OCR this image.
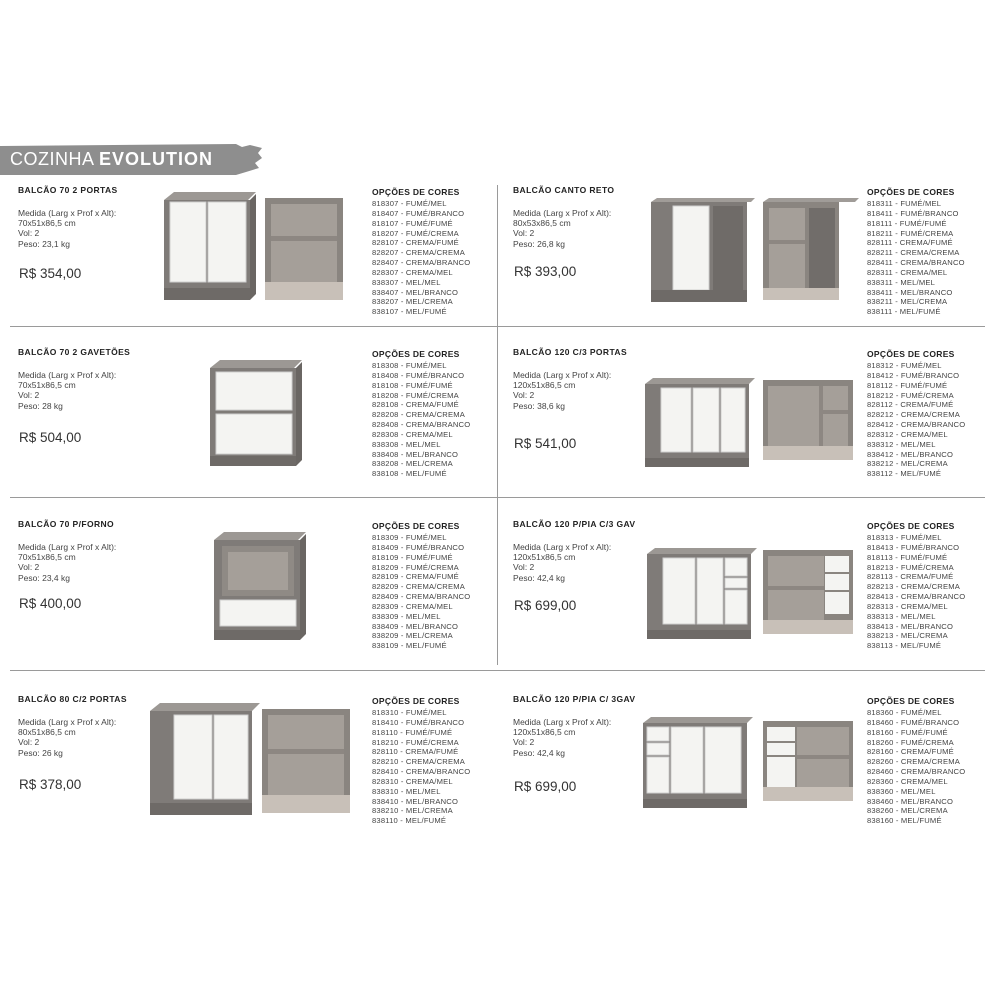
COZINHA EVOLUTION
BALCÃO 70 2 PORTAS
Medida (Larg x Prof x Alt):
70x51x86,5 cm
Vol: 2
Peso: 23,1 kg
R$ 354,00
OPÇÕES DE CORES
818307 - FUMÉ/MEL
818407 - FUMÉ/BRANCO
818107 - FUMÉ/FUMÉ
818207 - FUMÉ/CREMA
828107 - CREMA/FUMÉ
828207 - CREMA/CREMA
828407 - CREMA/BRANCO
828307 - CREMA/MEL
838307 - MEL/MEL
838407 - MEL/BRANCO
838207 - MEL/CREMA
838107 - MEL/FUMÉ
BALCÃO CANTO RETO
Medida (Larg x Prof x Alt):
80x53x86,5 cm
Vol: 2
Peso: 26,8 kg
R$ 393,00
OPÇÕES DE CORES
818311 - FUMÉ/MEL
818411 - FUMÉ/BRANCO
818111 - FUMÉ/FUMÉ
818211 - FUMÉ/CREMA
828111 - CREMA/FUMÉ
828211 - CREMA/CREMA
828411 - CREMA/BRANCO
828311 - CREMA/MEL
838311 - MEL/MEL
838411 - MEL/BRANCO
838211 - MEL/CREMA
838111 - MEL/FUMÉ
BALCÃO 70 2 GAVETÕES
Medida (Larg x Prof x Alt):
70x51x86,5 cm
Vol: 2
Peso: 28 kg
R$ 504,00
OPÇÕES DE CORES
818308 - FUMÉ/MEL
818408 - FUMÉ/BRANCO
818108 - FUMÉ/FUMÉ
818208 - FUMÉ/CREMA
828108 - CREMA/FUMÉ
828208 - CREMA/CREMA
828408 - CREMA/BRANCO
828308 - CREMA/MEL
838308 - MEL/MEL
838408 - MEL/BRANCO
838208 - MEL/CREMA
838108 - MEL/FUMÉ
BALCÃO 120 C/3 PORTAS
Medida (Larg x Prof x Alt):
120x51x86,5 cm
Vol: 2
Peso: 38,6 kg
R$ 541,00
OPÇÕES DE CORES
818312 - FUMÉ/MEL
818412 - FUMÉ/BRANCO
818112 - FUMÉ/FUMÉ
818212 - FUMÉ/CREMA
828112 - CREMA/FUMÉ
828212 - CREMA/CREMA
828412 - CREMA/BRANCO
828312 - CREMA/MEL
838312 - MEL/MEL
838412 - MEL/BRANCO
838212 - MEL/CREMA
838112 - MEL/FUMÉ
BALCÃO 70 P/FORNO
Medida (Larg x Prof x Alt):
70x51x86,5 cm
Vol: 2
Peso: 23,4 kg
R$ 400,00
OPÇÕES DE CORES
818309 - FUMÉ/MEL
818409 - FUMÉ/BRANCO
818109 - FUMÉ/FUMÉ
818209 - FUMÉ/CREMA
828109 - CREMA/FUMÉ
828209 - CREMA/CREMA
828409 - CREMA/BRANCO
828309 - CREMA/MEL
838309 - MEL/MEL
838409 - MEL/BRANCO
838209 - MEL/CREMA
838109 - MEL/FUMÉ
BALCÃO 120 P/PIA C/3 GAV
Medida (Larg x Prof x Alt):
120x51x86,5 cm
Vol: 2
Peso: 42,4 kg
R$ 699,00
OPÇÕES DE CORES
818313 - FUMÉ/MEL
818413 - FUMÉ/BRANCO
818113 - FUMÉ/FUMÉ
818213 - FUMÉ/CREMA
828113 - CREMA/FUMÉ
828213 - CREMA/CREMA
828413 - CREMA/BRANCO
828313 - CREMA/MEL
838313 - MEL/MEL
838413 - MEL/BRANCO
838213 - MEL/CREMA
838113 - MEL/FUMÉ
BALCÃO 80 C/2 PORTAS
Medida (Larg x Prof x Alt):
80x51x86,5 cm
Vol: 2
Peso: 26 kg
R$ 378,00
OPÇÕES DE CORES
818310 - FUMÉ/MEL
818410 - FUMÉ/BRANCO
818110 - FUMÉ/FUMÉ
818210 - FUMÉ/CREMA
828110 - CREMA/FUMÉ
828210 - CREMA/CREMA
828410 - CREMA/BRANCO
828310 - CREMA/MEL
838310 - MEL/MEL
838410 - MEL/BRANCO
838210 - MEL/CREMA
838110 - MEL/FUMÉ
BALCÃO 120 P/PIA C/ 3GAV
Medida (Larg x Prof x Alt):
120x51x86,5 cm
Vol: 2
Peso: 42,4 kg
R$ 699,00
OPÇÕES DE CORES
818360 - FUMÉ/MEL
818460 - FUMÉ/BRANCO
818160 - FUMÉ/FUMÉ
818260 - FUMÉ/CREMA
828160 - CREMA/FUMÉ
828260 - CREMA/CREMA
828460 - CREMA/BRANCO
828360 - CREMA/MEL
838360 - MEL/MEL
838460 - MEL/BRANCO
838260 - MEL/CREMA
838160 - MEL/FUMÉ
